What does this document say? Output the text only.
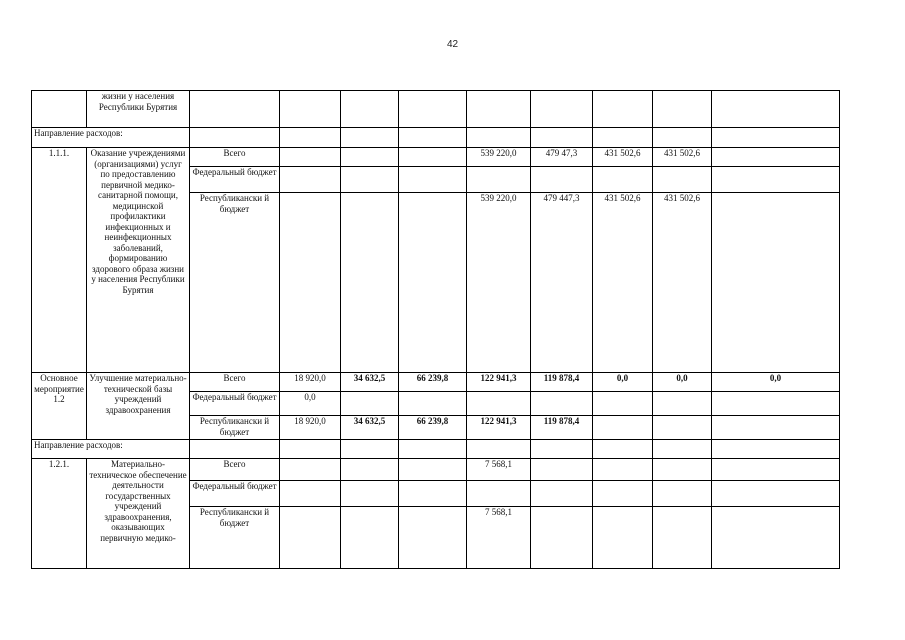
42
	жизни у населения Республики Бурятия									
Направление расходов:										
1.1.1.	Оказание учреждениями (организациями) услуг по предоставлению первичной медико-санитарной помощи, медицинской профилактики инфекционных и неинфекционных заболеваний, формированию здорового образа жизни у населения Республики Бурятия	Всего				539 220,0	479 47,3	431 502,6	431 502,6	
		Федеральный бюджет								
		Республикански й бюджет				539 220,0	479 447,3	431 502,6	431 502,6	
Основное мероприятие 1.2	Улучшение материально-технической базы учреждений здравоохранения	Всего	18 920,0	34 632,5	66 239,8	122 941,3	119 878,4	0,0	0,0	0,0
		Федеральный бюджет	0,0							
		Республикански й бюджет	18 920,0	34 632,5	66 239,8	122 941,3	119 878,4			
Направление расходов:										
1.2.1.	Материально-техническое обеспечение деятельности государственных учреждений здравоохранения, оказывающих первичную медико-	Всего				7 568,1				
		Федеральный бюджет								
		Республикански й бюджет				7 568,1				
